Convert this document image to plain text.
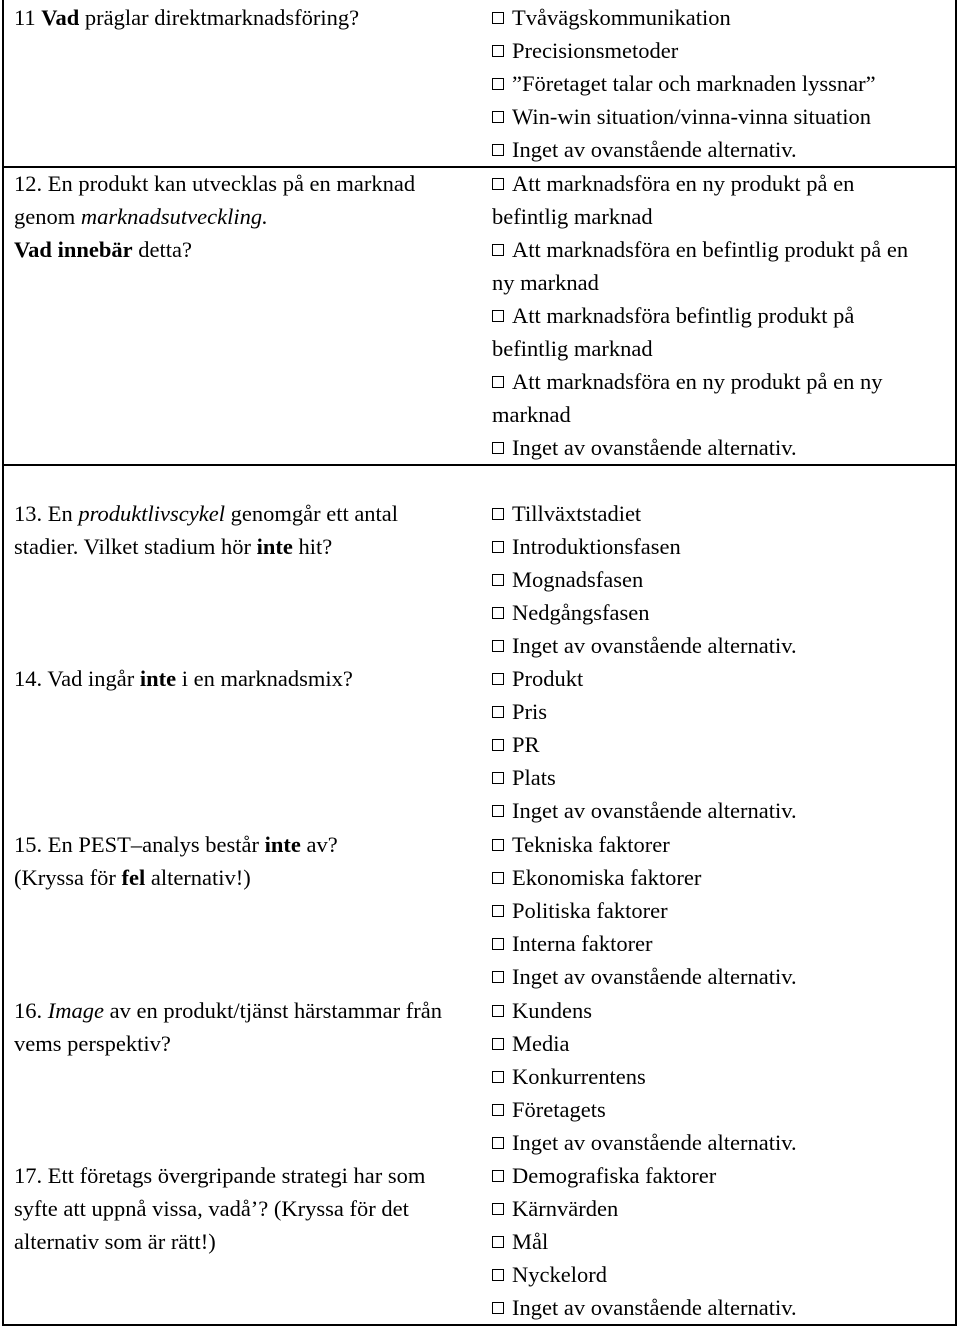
11 Vad präglar direktmarknadsföring?	Tvåvägskommunikation
Precisionsmetoder
”Företaget talar och marknaden lyssnar”
Win-win situation/vinna-vinna situation
Inget av ovanstående alternativ.
12. En produkt kan utvecklas på en marknad genom marknadsutveckling.
Vad innebär detta?
Att marknadsföra en ny produkt på en befintlig marknad
Att marknadsföra en befintlig produkt på en ny marknad
Att marknadsföra befintlig produkt på befintlig marknad
Att marknadsföra en ny produkt på en ny marknad
Inget av ovanstående alternativ.
13. En produktlivscykel genomgår ett antal stadier. Vilket stadium hör inte hit?
Tillväxtstadiet
Introduktionsfasen
Mognadsfasen
Nedgångsfasen
Inget av ovanstående alternativ.
14. Vad ingår inte i en marknadsmix?	Produkt
Pris
PR
Plats
Inget av ovanstående alternativ.
15. En PEST–analys består inte av?
(Kryssa för fel alternativ!)
Tekniska faktorer
Ekonomiska faktorer
Politiska faktorer
Interna faktorer
Inget av ovanstående alternativ.
16. Image av en produkt/tjänst härstammar från vems perspektiv?
Kundens
Media
Konkurrentens
Företagets
Inget av ovanstående alternativ.
17. Ett företags övergripande strategi har som syfte att uppnå vissa, vadå’? (Kryssa för det alternativ som är rätt!)
Demografiska faktorer
Kärnvärden
Mål
Nyckelord
Inget av ovanstående alternativ.
